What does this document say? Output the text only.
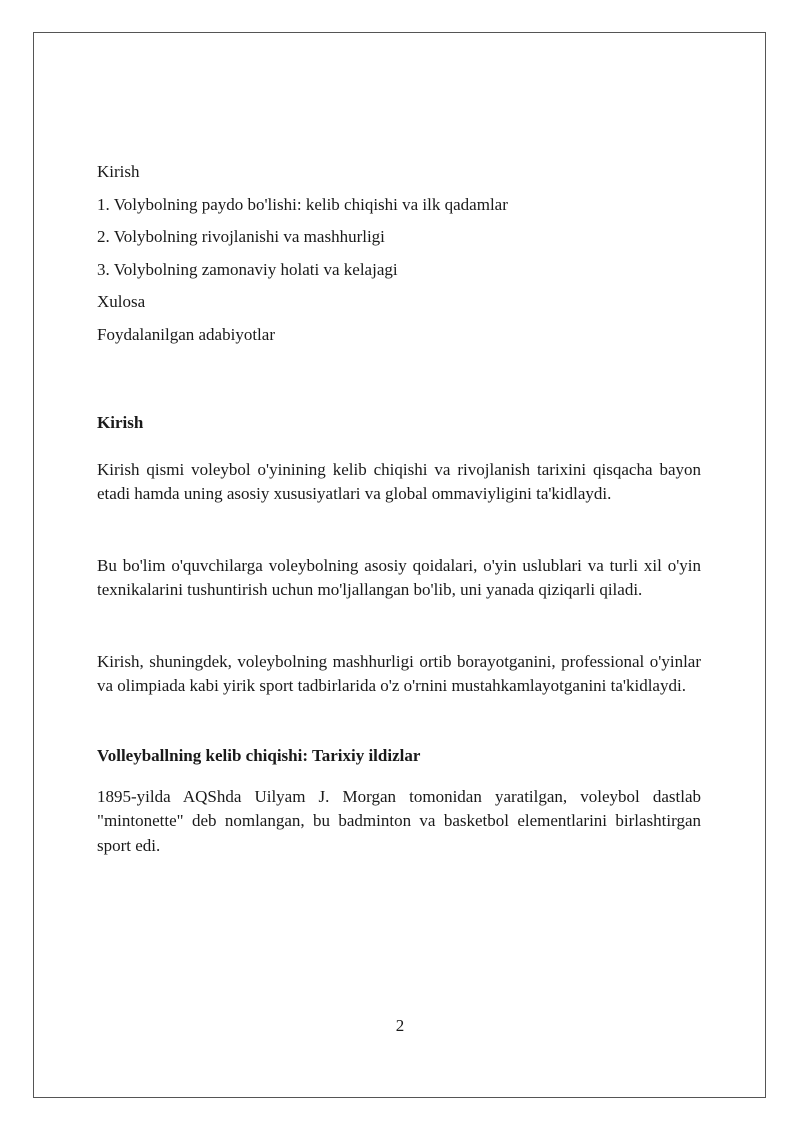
Kirish
1. Volybolning paydo bo'lishi: kelib chiqishi va ilk qadamlar
2. Volybolning rivojlanishi va mashhurligi
3. Volybolning zamonaviy holati va kelajagi
Xulosa
Foydalanilgan adabiyotlar
Kirish

Kirish qismi voleybol o'yinining kelib chiqishi va rivojlanish tarixini qisqacha bayon etadi hamda uning asosiy xususiyatlari va global ommaviyligini ta'kidlaydi.

Bu bo'lim o'quvchilarga voleybolning asosiy qoidalari, o'yin uslublari va turli xil o'yin texnikalarini tushuntirish uchun mo'ljallangan bo'lib, uni yanada qiziqarli qiladi.

Kirish, shuningdek, voleybolning mashhurligi ortib borayotganini, professional o'yinlar va olimpiada kabi yirik sport tadbirlarida o'z o'rnini mustahkamlayotganini ta'kidlaydi.

Volleyballning kelib chiqishi: Tarixiy ildizlar

1895-yilda AQShda Uilyam J. Morgan tomonidan yaratilgan, voleybol dastlab "mintonette" deb nomlangan, bu badminton va basketbol elementlarini birlashtirgan sport edi.

2
